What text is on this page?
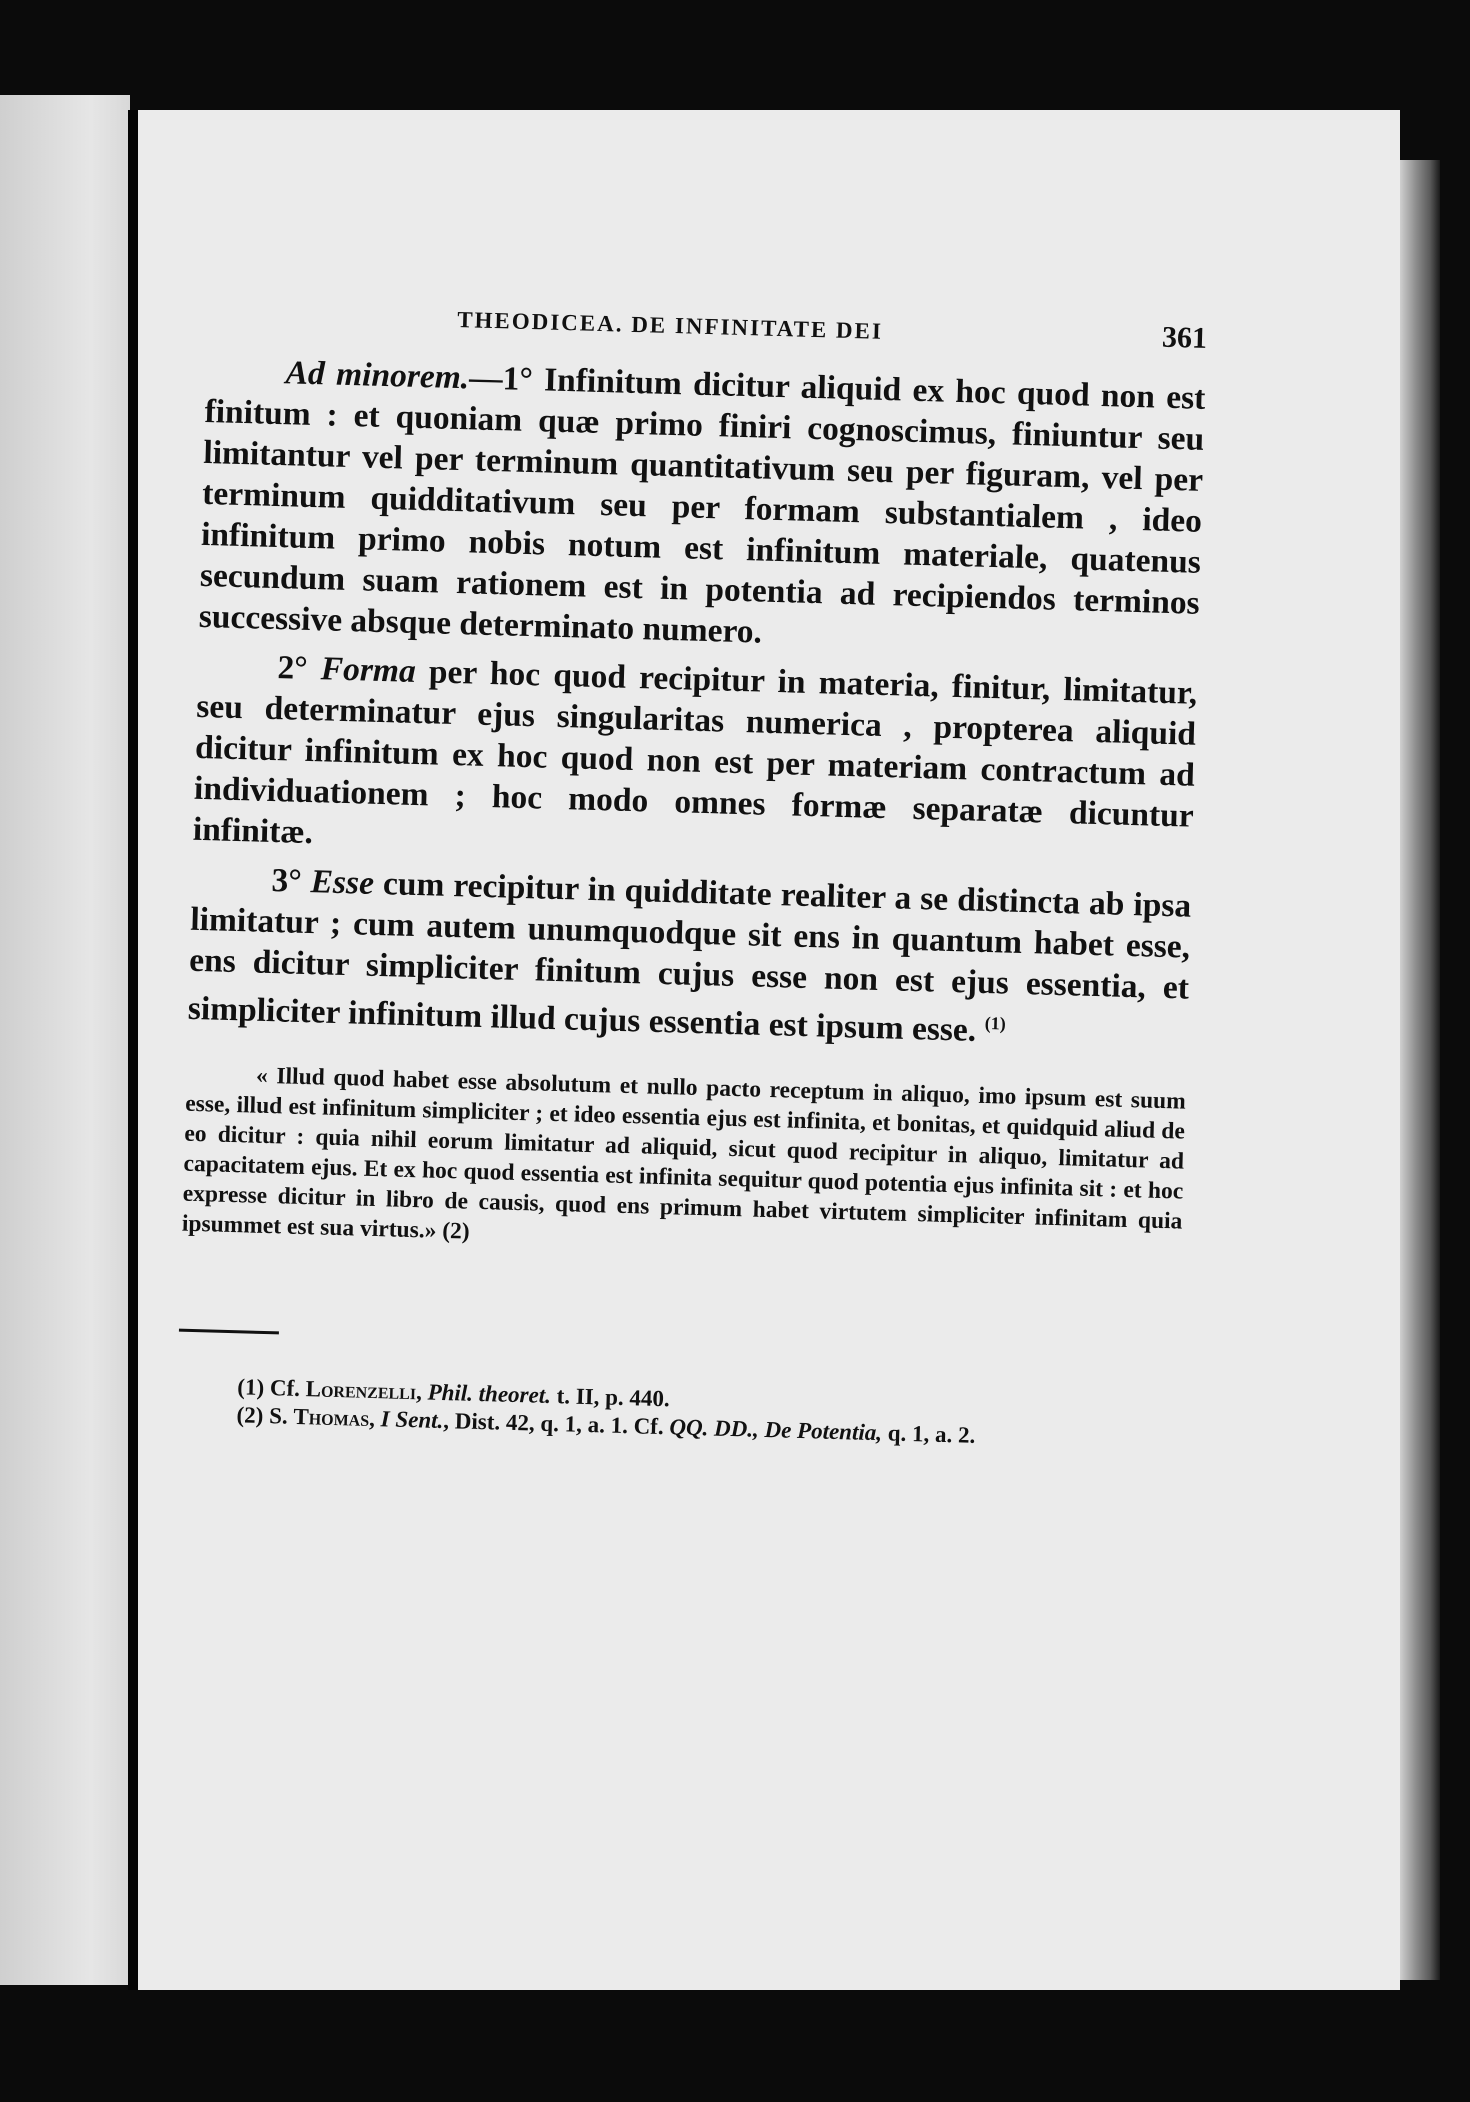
THEODICEA. DE INFINITATE DEI	361

Ad minorem.—1° Infinitum dicitur aliquid ex hoc quod non est finitum : et quoniam quæ primo finiri cognoscimus, finiuntur seu limitantur vel per terminum quantitativum seu per figuram, vel per terminum quidditativum seu per formam substantialem , ideo infinitum primo nobis notum est infinitum materiale, quatenus secundum suam rationem est in potentia ad recipiendos terminos successive absque determinato numero.

2° Forma per hoc quod recipitur in materia, finitur, limitatur, seu determinatur ejus singularitas numerica , propterea aliquid dicitur infinitum ex hoc quod non est per materiam contractum ad individuationem ; hoc modo omnes formæ separatæ dicuntur infinitæ.

3° Esse cum recipitur in quidditate realiter a se distincta ab ipsa limitatur ; cum autem unumquodque sit ens in quantum habet esse, ens dicitur simpliciter finitum cujus esse non est ejus essentia, et simpliciter infinitum illud cujus essentia est ipsum esse. $^{(1)}$

« Illud quod habet esse absolutum et nullo pacto receptum in aliquo, imo ipsum est suum esse, illud est infinitum simpliciter ; et ideo essentia ejus est infinita, et bonitas, et quidquid aliud de eo dicitur : quia nihil eorum limitatur ad aliquid, sicut quod recipitur in aliquo, limitatur ad capacitatem ejus. Et ex hoc quod essentia est infinita sequitur quod potentia ejus infinita sit : et hoc expresse dicitur in libro de causis, quod ens primum habet virtutem simpliciter infinitam quia ipsummet est sua virtus.» (2)

(1) Cf. Lorenzelli, Phil. theoret. t. II, p. 440.

(2) S. Thomas, I Sent., Dist. 42, q. 1, a. 1. Cf. QQ. DD., De Potentia, q. 1, a. 2.
